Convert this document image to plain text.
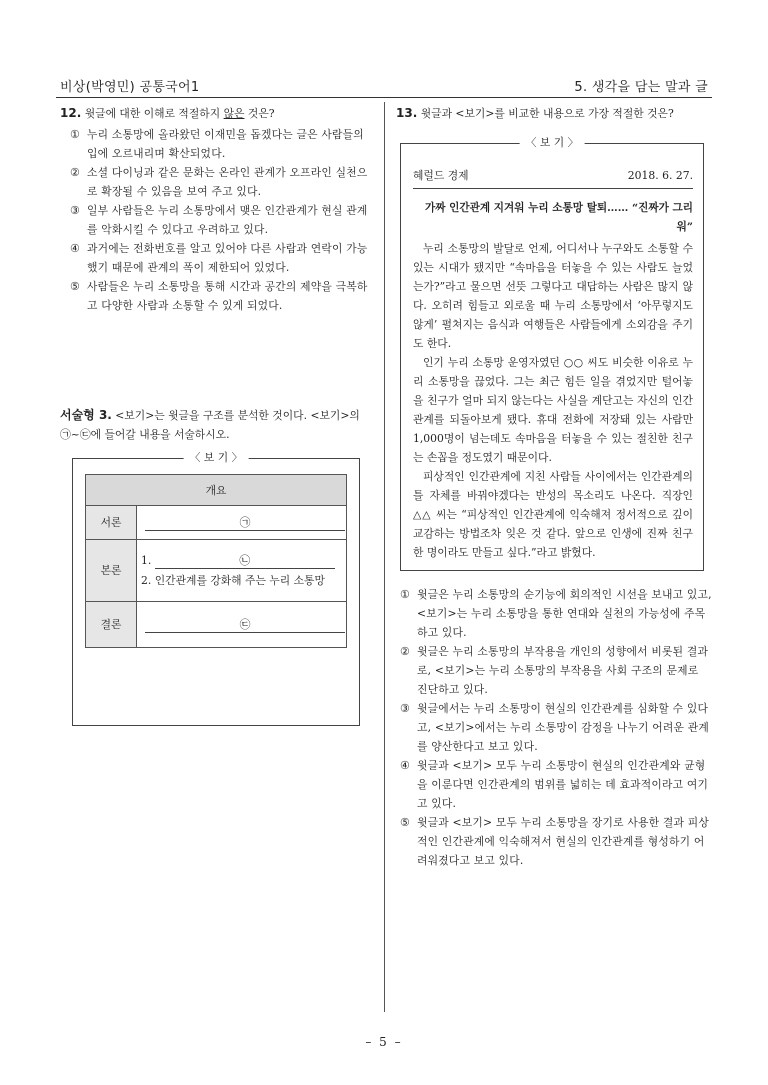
비상(박영민) 공통국어1	5. 생각을 담는 말과 글
12. 윗글에 대한 이해로 적절하지 않은 것은?

① 누리 소통망에 올라왔던 이재민을 돕겠다는 글은 사람들의 입에 오르내리며 확산되었다.

② 소셜 다이닝과 같은 문화는 온라인 관계가 오프라인 실천으로 확장될 수 있음을 보여 주고 있다.

③ 일부 사람들은 누리 소통망에서 맺은 인간관계가 현실 관계를 악화시킬 수 있다고 우려하고 있다.

④ 과거에는 전화번호를 알고 있어야 다른 사람과 연락이 가능했기 때문에 관계의 폭이 제한되어 있었다.

⑤ 사람들은 누리 소통망을 통해 시간과 공간의 제약을 극복하고 다양한 사람과 소통할 수 있게 되었다.

서술형 3. <보기>는 윗글을 구조를 분석한 것이다. <보기>의 ㉠~㉢에 들어갈 내용을 서술하시오.
〈 보 기 〉
개요	
서론	㉠
본론	1. ㉡
2. 인간관계를 강화해 주는 누리 소통망

결론	㉢
13. 윗글과 <보기>를 비교한 내용으로 가장 적절한 것은?
〈 보 기 〉
혜럴드 경제	2018. 6. 27.
가짜 인간관계 지겨워 누리 소통망 탈퇴…… “진짜가 그리워”

누리 소통망의 발달로 언제, 어디서나 누구와도 소통할 수 있는 시대가 됐지만 “속마음을 터놓을 수 있는 사람도 늘었는가?”라고 물으면 선뜻 그렇다고 대답하는 사람은 많지 않다. 오히려 힘들고 외로울 때 누리 소통망에서 ‘아무렇지도 않게’ 펼쳐지는 음식과 여행들은 사람들에게 소외감을 주기도 한다.

인기 누리 소통망 운영자였던 ○○ 씨도 비슷한 이유로 누리 소통망을 끊었다. 그는 최근 힘든 일을 겪었지만 털어놓을 친구가 얼마 되지 않는다는 사실을 계단고는 자신의 인간관계를 되돌아보게 됐다. 휴대 전화에 저장돼 있는 사람만 1,000명이 넘는데도 속마음을 터놓을 수 있는 절친한 친구는 손꼽을 정도였기 때문이다.

피상적인 인간관계에 지친 사람들 사이에서는 인간관계의 틀 자체를 바꿔야겠다는 반성의 목소리도 나온다. 직장인 △△ 씨는 “피상적인 인간관계에 익숙해져 정서적으로 깊이 교감하는 방법조차 잊은 것 같다. 앞으로 인생에 진짜 친구 한 명이라도 만들고 싶다.”라고 밝혔다.

① 윗글은 누리 소통망의 순기능에 회의적인 시선을 보내고 있고, <보기>는 누리 소통망을 통한 연대와 실천의 가능성에 주목하고 있다.

② 윗글은 누리 소통망의 부작용을 개인의 성향에서 비롯된 결과로, <보기>는 누리 소통망의 부작용을 사회 구조의 문제로 진단하고 있다.

③ 윗글에서는 누리 소통망이 현실의 인간관계를 심화할 수 있다고, <보기>에서는 누리 소통망이 감정을 나누기 어려운 관계를 양산한다고 보고 있다.

④ 윗글과 <보기> 모두 누리 소통망이 현실의 인간관계와 균형을 이룬다면 인간관계의 범위를 넓히는 데 효과적이라고 여기고 있다.

⑤ 윗글과 <보기> 모두 누리 소통망을 장기로 사용한 결과 피상적인 인간관계에 익숙해져서 현실의 인간관계를 형성하기 어려워졌다고 보고 있다.

– 5 –
